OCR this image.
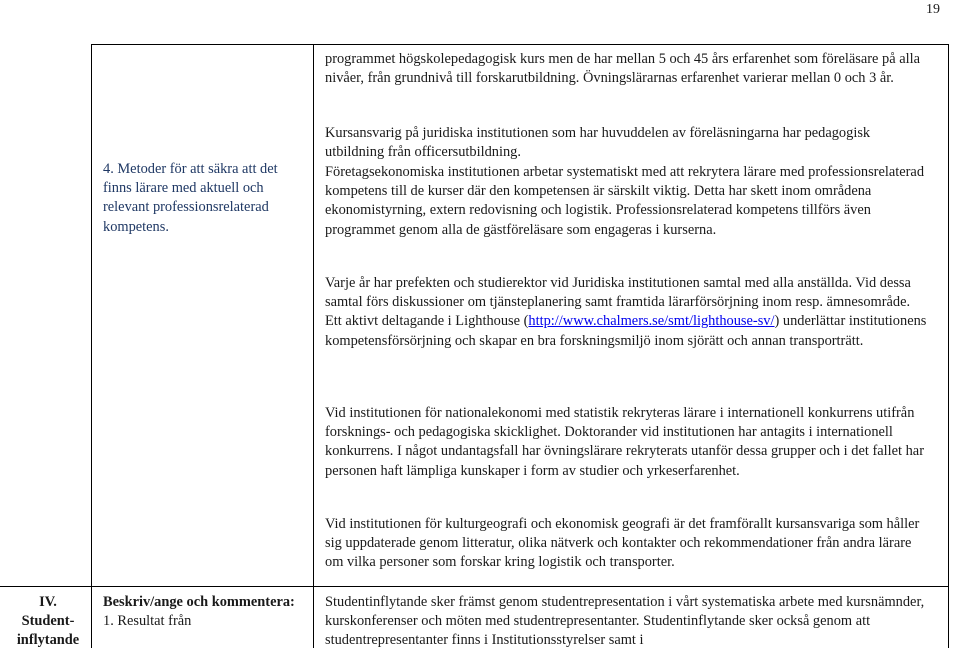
19
4. Metoder för att säkra att det finns lärare med aktuell och relevant professionsrelaterad kompetens.
programmet högskolepedagogisk kurs men de har mellan 5 och 45 års erfarenhet som föreläsare på alla nivåer, från grundnivå till forskarutbildning. Övningslärarnas erfarenhet varierar mellan 0 och 3 år.
Kursansvarig på juridiska institutionen som har huvuddelen av föreläsningarna har pedagogisk utbildning från officersutbildning.
Företagsekonomiska institutionen arbetar systematiskt med att rekrytera lärare med professionsrelaterad kompetens till de kurser där den kompetensen är särskilt viktig. Detta har skett inom områdena ekonomistyrning, extern redovisning och logistik. Professionsrelaterad kompetens tillförs även programmet genom alla de gästföreläsare som engageras i kurserna.
Varje år har prefekten och studierektor vid Juridiska institutionen samtal med alla anställda. Vid dessa samtal förs diskussioner om tjänsteplanering samt framtida lärarförsörjning inom resp. ämnesområde. Ett aktivt deltagande i Lighthouse (http://www.chalmers.se/smt/lighthouse-sv/) underlättar institutionens kompetensförsörjning och skapar en bra forskningsmiljö inom sjörätt och annan transporträtt.
Vid institutionen för nationalekonomi med statistik rekryteras lärare i internationell konkurrens utifrån forsknings- och pedagogiska skicklighet. Doktorander vid institutionen har antagits i internationell konkurrens. I något undantagsfall har övningslärare rekryterats utanför dessa grupper och i det fallet har personen haft lämpliga kunskaper i form av studier och yrkeserfarenhet.
Vid institutionen för kulturgeografi och ekonomisk geografi är det framförallt kursansvariga som håller sig uppdaterade genom litteratur, olika nätverk och kontakter och rekommendationer från andra lärare om vilka personer som forskar kring logistik och transporter.
Studentinflytande sker främst genom studentrepresentation i vårt systematiska arbete med kursnämnder, kurskonferenser och möten med studentrepresentanter. Studentinflytande sker också genom att studentrepresentanter finns i Institutionsstyrelser samt i
IV.
Student-inflytande
Beskriv/ange och kommentera:
1. Resultat från
